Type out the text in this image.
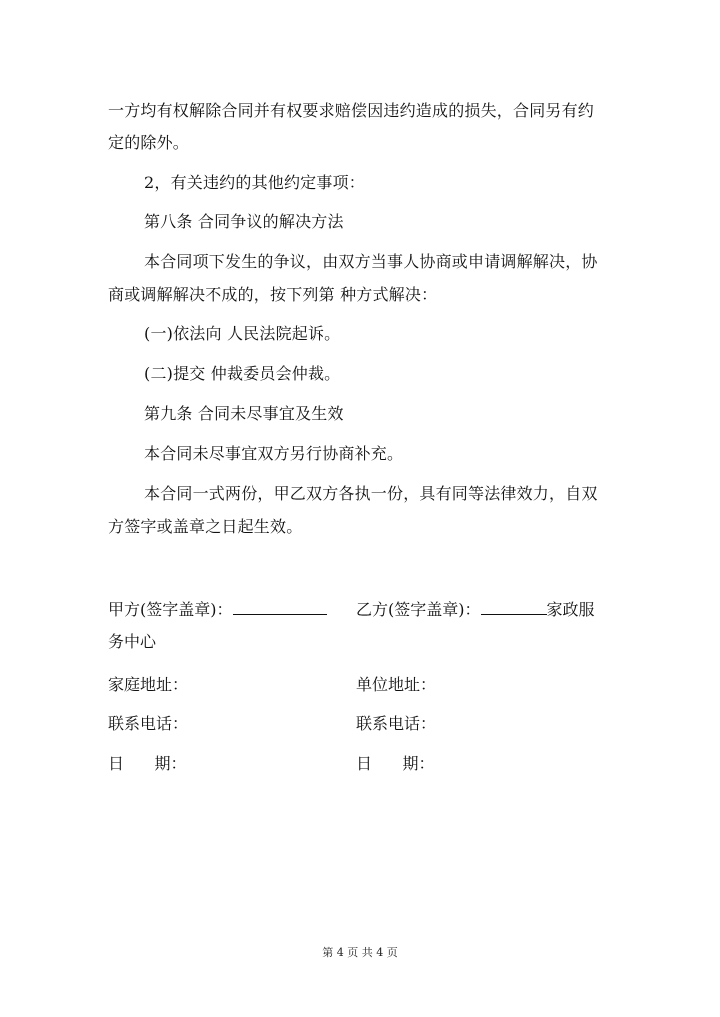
一方均有权解除合同并有权要求赔偿因违约造成的损失，合同另有约
定的除外。
2，有关违约的其他约定事项：
第八条 合同争议的解决方法
本合同项下发生的争议，由双方当事人协商或申请调解解决，协
商或调解解决不成的，按下列第 种方式解决：
(一)依法向 人民法院起诉。
(二)提交 仲裁委员会仲裁。
第九条 合同未尽事宜及生效
本合同未尽事宜双方另行协商补充。
本合同一式两份，甲乙双方各执一份，具有同等法律效力，自双
方签字或盖章之日起生效。
甲方(签字盖章)：	乙方(签字盖章)：	家政服
务中心
家庭地址：	单位地址：
联系电话：	联系电话：
日      期：	日      期：
第 4 页 共 4 页
